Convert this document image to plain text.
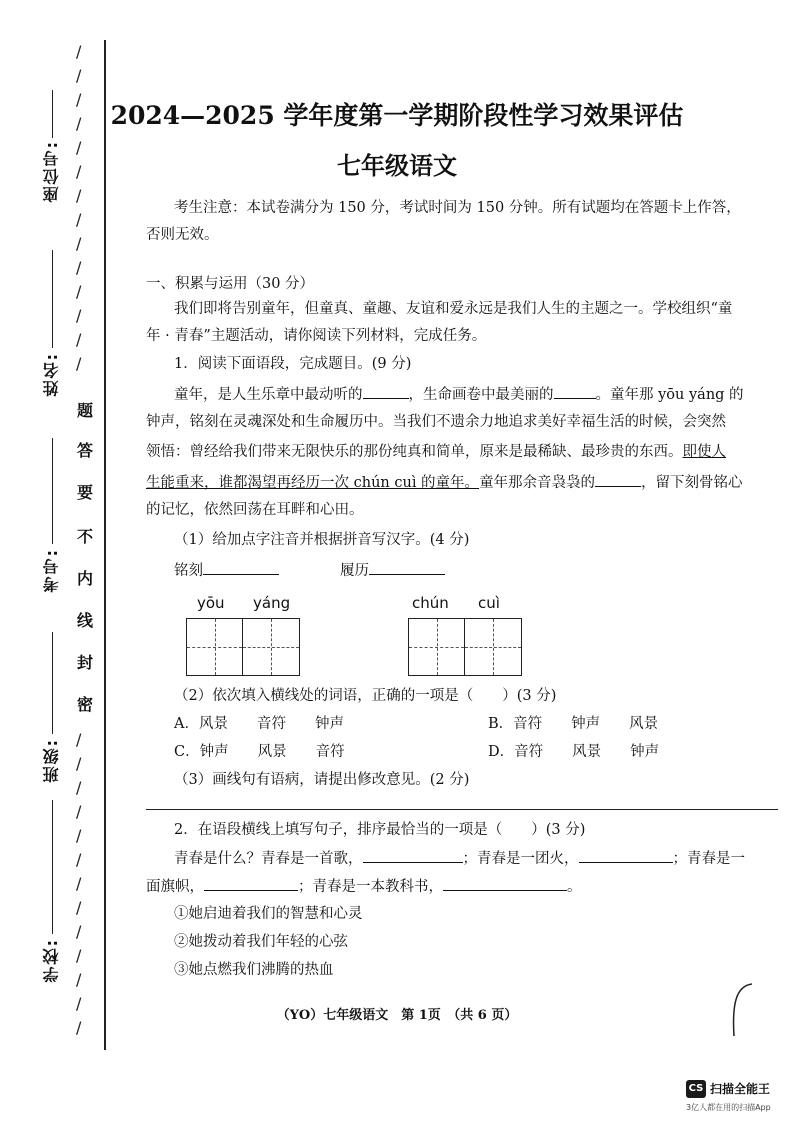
座位号:
姓名:
考号:
班级:
学校:
/
/
/
/
/
/
/
/
/
/
/
/
/
/
题
答
要
不
内
线
封
密
/
/
/
/
/
/
/
/
/
/
/
/
/
2024—2025 学年度第一学期阶段性学习效果评估
七年级语文
考生注意：本试卷满分为 150 分，考试时间为 150 分钟。所有试题均在答题卡上作答，
否则无效。
一、积累与运用（30 分）
我们即将告别童年，但童真、童趣、友谊和爱永远是我们人生的主题之一。学校组织“童
年 · 青春”主题活动，请你阅读下列材料，完成任务。
1．阅读下面语段，完成题目。(9 分)
童年，是人生乐章中最动听的	，生命画卷中最美丽的	。童年那 yōu yáng 的
钟声，铭刻在灵魂深处和生命履历中。当我们不遗余力地追求美好幸福生活的时候，会突然
领悟：曾经给我们带来无限快乐的那份纯真和简单，原来是最稀缺、最珍贵的东西。即使人
生能重来，谁都渴望再经历一次 chún cuì 的童年。童年那余音袅袅的	，留下刻骨铭心
的记忆，依然回荡在耳畔和心田。
（1）给加点字注音并根据拼音写汉字。(4 分)
铭刻	履历
yōu yáng	chún cuì
（2）依次填入横线处的词语，正确的一项是（　　）(3 分)
A．风景　　音符　　钟声	B．音符　　钟声　　风景
C．钟声　　风景　　音符	D．音符　　风景　　钟声
（3）画线句有语病，请提出修改意见。(2 分)
2．在语段横线上填写句子，排序最恰当的一项是（　　）(3 分)
青春是什么？青春是一首歌，	；青春是一团火，	；青春是一
面旗帜，	；青春是一本教科书，	。
①她启迪着我们的智慧和心灵
②她拨动着我们年轻的心弦
③她点燃我们沸腾的热血
（YO）七年级语文　第 1页　（共 6 页）
CS 扫描全能王
3亿人都在用的扫描App
